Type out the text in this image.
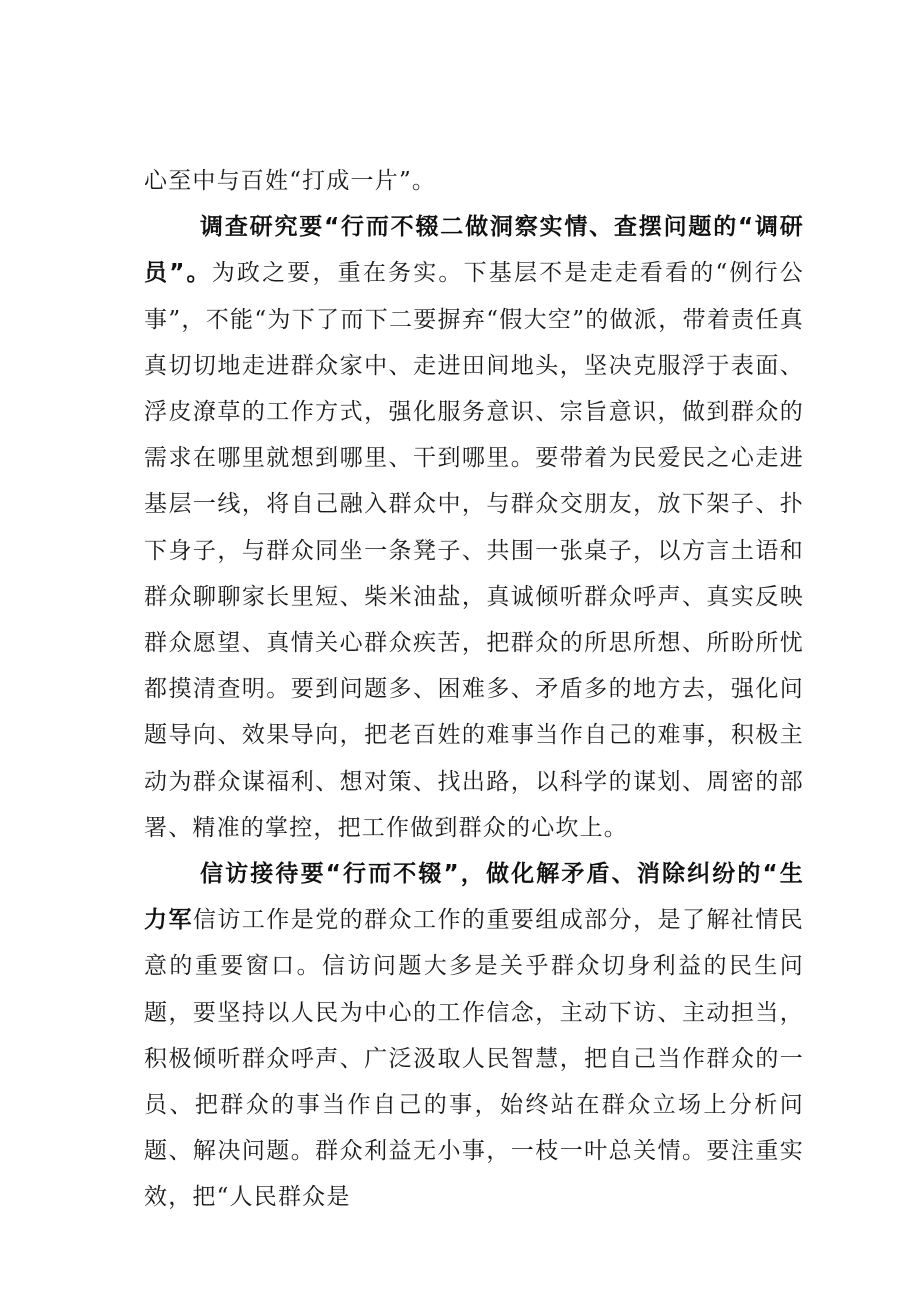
心至中与百姓“打成一片”。

调查研究要“行而不辍二做洞察实情、查摆问题的“调研员”。为政之要，重在务实。下基层不是走走看看的“例行公事”，不能“为下了而下二要摒弃“假大空”的做派，带着责任真真切切地走进群众家中、走进田间地头，坚决克服浮于表面、浮皮潦草的工作方式，强化服务意识、宗旨意识，做到群众的需求在哪里就想到哪里、干到哪里。要带着为民爱民之心走进基层一线，将自己融入群众中，与群众交朋友，放下架子、扑下身子，与群众同坐一条凳子、共围一张桌子，以方言土语和群众聊聊家长里短、柴米油盐，真诚倾听群众呼声、真实反映群众愿望、真情关心群众疾苦，把群众的所思所想、所盼所忧都摸清查明。要到问题多、困难多、矛盾多的地方去，强化问题导向、效果导向，把老百姓的难事当作自己的难事，积极主动为群众谋福利、想对策、找出路，以科学的谋划、周密的部署、精准的掌控，把工作做到群众的心坎上。

信访接待要“行而不辍”，做化解矛盾、消除纠纷的“生力军信访工作是党的群众工作的重要组成部分，是了解社情民意的重要窗口。信访问题大多是关乎群众切身利益的民生问题，要坚持以人民为中心的工作信念，主动下访、主动担当，积极倾听群众呼声、广泛汲取人民智慧，把自己当作群众的一员、把群众的事当作自己的事，始终站在群众立场上分析问题、解决问题。群众利益无小事，一枝一叶总关情。要注重实效，把“人民群众是
